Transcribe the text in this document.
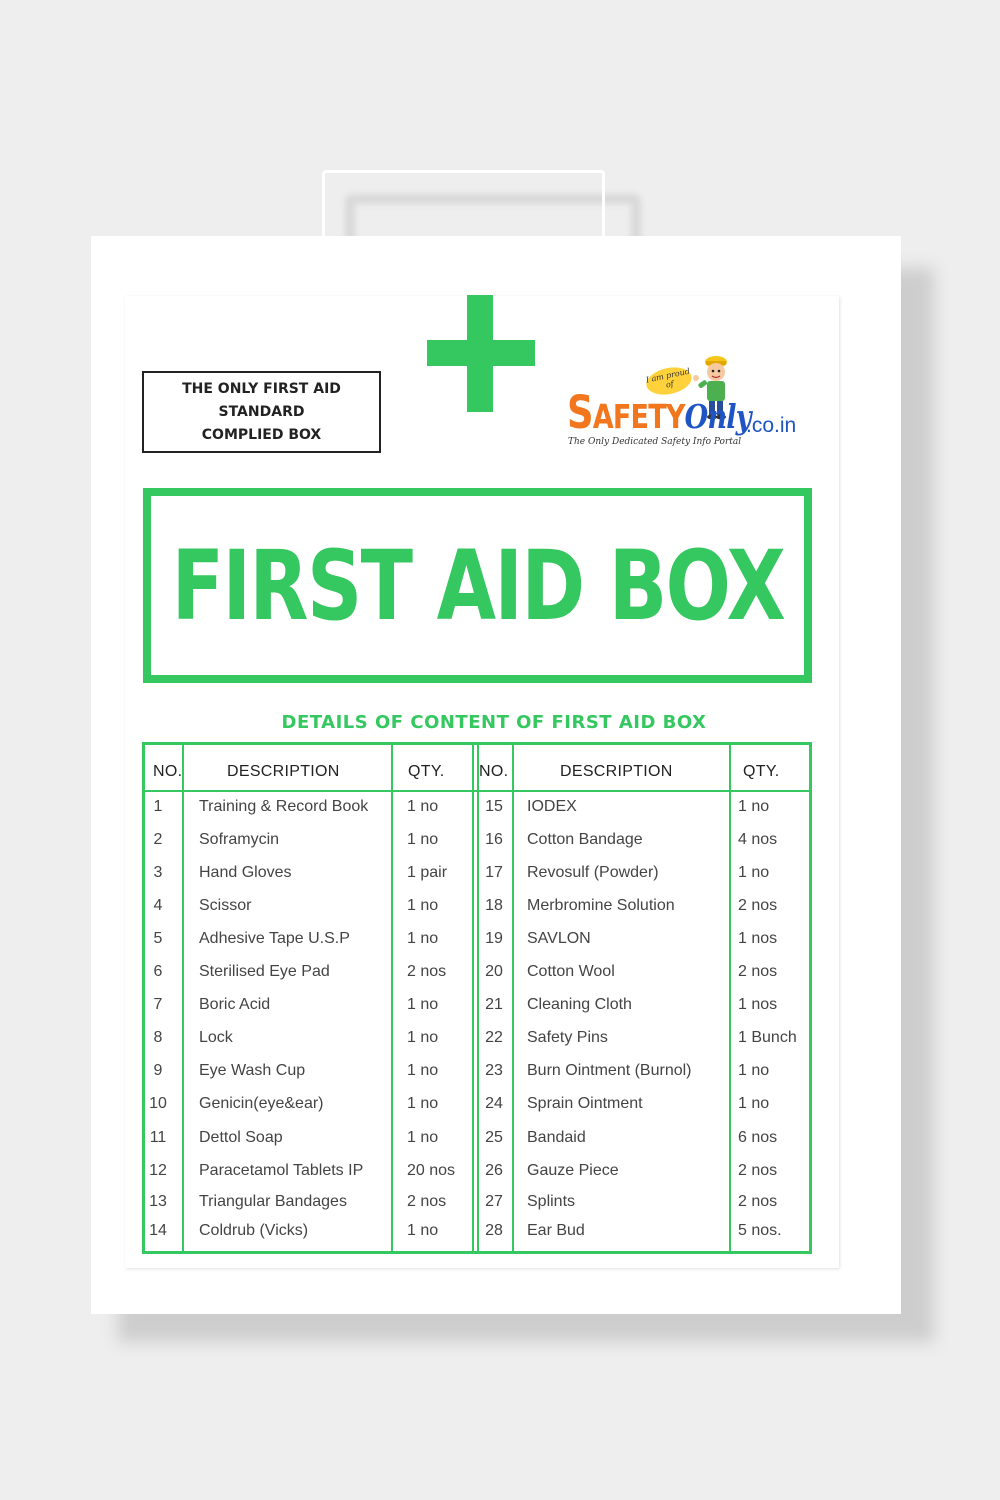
THE ONLY FIRST AID STANDARD
COMPLIED BOX
I am proud of
SAFETYOnly
.co.in
The Only Dedicated Safety Info Portal
FIRST AID BOX
DETAILS OF CONTENT OF FIRST AID BOX
NO.	DESCRIPTION	QTY. NO.	DESCRIPTION	QTY.
1	Training & Record Book 1 no
2	Soframycin	1 no
3	Hand Gloves	1 pair
4	Scissor	1 no
5	Adhesive Tape U.S.P	1 no
6	Sterilised Eye Pad	2 nos
7	Boric Acid	1 no
8	Lock	1 no
9	Eye Wash Cup	1 no
10 Genicin(eye&ear)	1 no
11 Dettol Soap	1 no
12 Paracetamol Tablets IP	20 nos
13 Triangular Bandages	2 nos
14 Coldrub (Vicks)	1 no
15	IODEX	1 no
16	Cotton Bandage	4 nos
17	Revosulf (Powder)	1 no
18	Merbromine Solution	2 nos
19	SAVLON	1 nos
20	Cotton Wool	2 nos
21	Cleaning Cloth	1 nos
22	Safety Pins	1 Bunch
23	Burn Ointment (Burnol)	1 no
24	Sprain Ointment	1 no
25	Bandaid	6 nos
26	Gauze Piece	2 nos
27	Splints	2 nos
28	Ear Bud	5 nos.
